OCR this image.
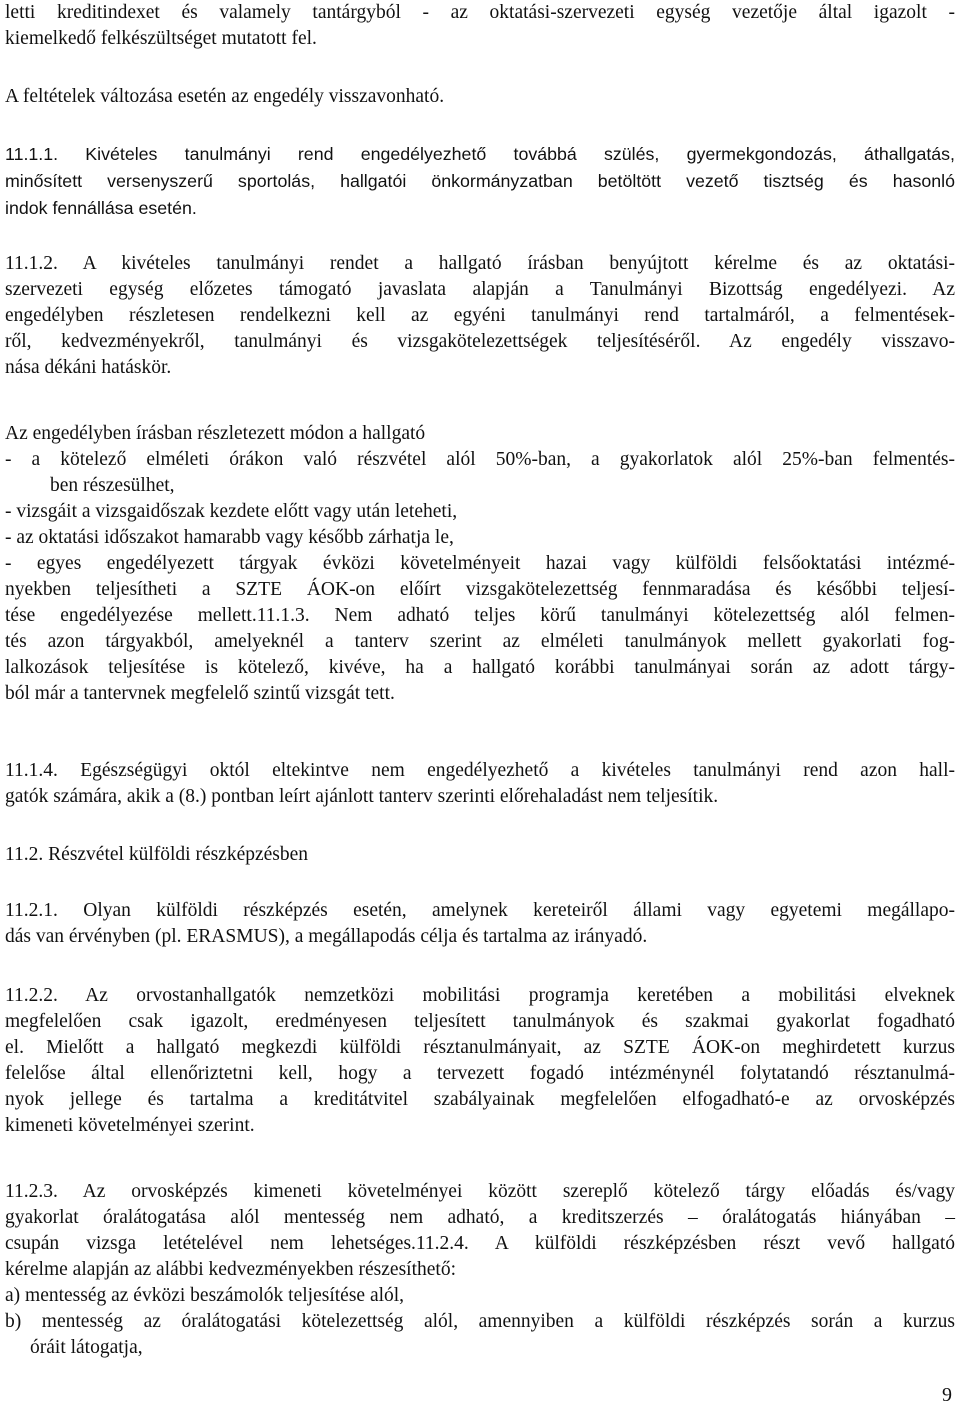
letti kreditindexet és valamely tantárgyból - az oktatási-szervezeti egység vezetője által igazolt -
kiemelkedő felkészültséget mutatott fel.
A feltételek változása esetén az engedély visszavonható.
11.1.1. Kivételes tanulmányi rend engedélyezhető továbbá szülés, gyermekgondozás, áthallgatás,
minősített versenyszerű sportolás, hallgatói önkormányzatban betöltött vezető tisztség és hasonló
indok fennállása esetén.
11.1.2. A kivételes tanulmányi rendet a hallgató írásban benyújtott kérelme és az oktatási-
szervezeti egység előzetes támogató javaslata alapján a Tanulmányi Bizottság engedélyezi. Az
engedélyben részletesen rendelkezni kell az egyéni tanulmányi rend tartalmáról, a felmentések-
ről, kedvezményekről, tanulmányi és vizsgakötelezettségek teljesítéséről. Az engedély visszavo-
nása dékáni hatáskör.
Az engedélyben írásban részletezett módon a hallgató
- a kötelező elméleti órákon való részvétel alól 50%-ban, a gyakorlatok alól 25%-ban felmentés-
ben részesülhet,
- vizsgáit a vizsgaidőszak kezdete előtt vagy után leteheti,
- az oktatási időszakot hamarabb vagy később zárhatja le,
- egyes engedélyezett tárgyak évközi követelményeit hazai vagy külföldi felsőoktatási intézmé-
nyekben teljesítheti a SZTE ÁOK-on előírt vizsgakötelezettség fennmaradása és későbbi teljesí-
tése engedélyezése mellett.11.1.3. Nem adható teljes körű tanulmányi kötelezettség alól felmen-
tés azon tárgyakból, amelyeknél a tanterv szerint az elméleti tanulmányok mellett gyakorlati fog-
lalkozások teljesítése is kötelező, kivéve, ha a hallgató korábbi tanulmányai során az adott tárgy-
ból már a tantervnek megfelelő szintű vizsgát tett.
11.1.4. Egészségügyi októl eltekintve nem engedélyezhető a kivételes tanulmányi rend azon hall-
gatók számára, akik a (8.) pontban leírt ajánlott tanterv szerinti előrehaladást nem teljesítik.
11.2. Részvétel külföldi részképzésben
11.2.1. Olyan külföldi részképzés esetén, amelynek kereteiről állami vagy egyetemi megállapo-
dás van érvényben (pl. ERASMUS), a megállapodás célja és tartalma az irányadó.
11.2.2. Az orvostanhallgatók nemzetközi mobilitási programja keretében a mobilitási elveknek
megfelelően csak igazolt, eredményesen teljesített tanulmányok és szakmai gyakorlat fogadható
el. Mielőtt a hallgató megkezdi külföldi résztanulmányait, az SZTE ÁOK-on meghirdetett kurzus
felelőse által ellenőriztetni kell, hogy a tervezett fogadó intézménynél folytatandó résztanulmá-
nyok jellege és tartalma a kreditátvitel szabályainak megfelelően elfogadható-e az orvosképzés
kimeneti követelményei szerint.
11.2.3. Az orvosképzés kimeneti követelményei között szereplő kötelező tárgy előadás és/vagy
gyakorlat óralátogatása alól mentesség nem adható, a kreditszerzés – óralátogatás hiányában –
csupán vizsga letételével nem lehetséges.11.2.4. A külföldi részképzésben részt vevő hallgató
kérelme alapján az alábbi kedvezményekben részesíthető:
a) mentesség az évközi beszámolók teljesítése alól,
b) mentesség az óralátogatási kötelezettség alól, amennyiben a külföldi részképzés során a kurzus
óráit látogatja,
9
